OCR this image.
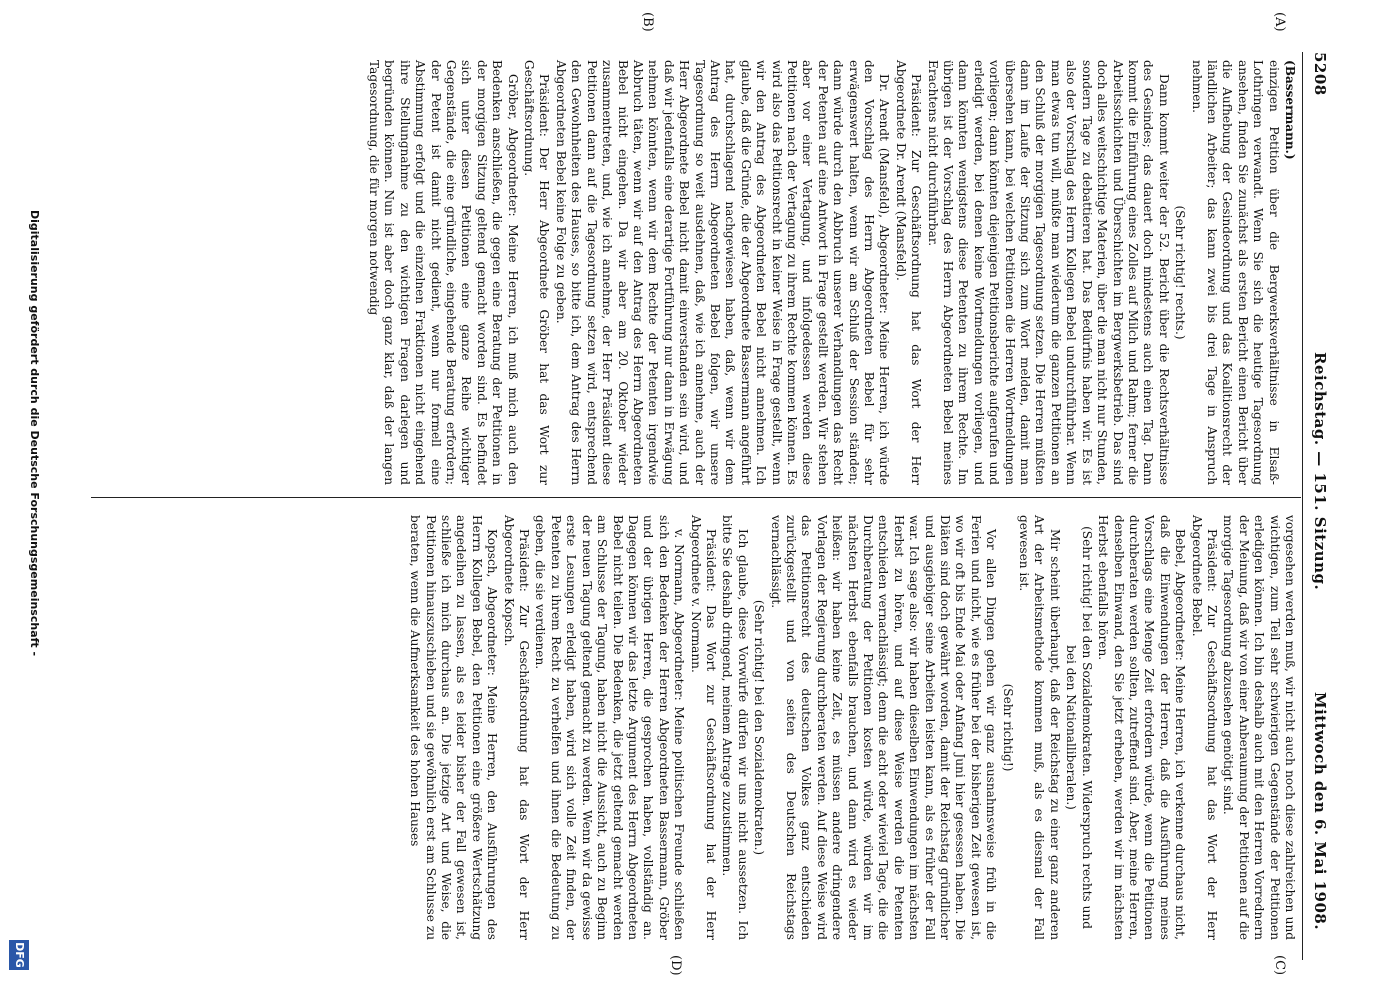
5208
Reichstag. — 151. Sitzung.
Mittwoch den 6. Mai 1908.
(A)
(B)
(C)
(D)

(Bassermann.)

einzigen Petition über die Bergwerksverhältnisse in Elsaß-Lothringen verwandt. Wenn Sie sich die heutige Tagesordnung ansehen, finden Sie zunächst als ersten Bericht einen Bericht über die Aufhebung der Gesindeordnung und das Koalitionsrecht der ländlichen Arbeiter; das kann zwei bis drei Tage in Anspruch nehmen.

(Sehr richtig! rechts.)

Dann kommt weiter der 52. Bericht über die Rechtsverhältnisse des Gesindes; das dauert doch mindestens auch einen Tag. Dann kommt die Einführung eines Zolles auf Milch und Rahm; ferner die Arbeitsschichten und Überschichten im Bergwerksbetrieb. Das sind doch alles weitschichtige Materien, über die man nicht nur Stunden, sondern Tage zu debattieren hat. Das Bedürfnis haben wir. Es ist also der Vorschlag des Herrn Kollegen Bebel undurchführbar. Wenn man etwas tun will, müßte man wiederum die ganzen Petitionen an den Schluß der morgigen Tagesordnung setzen. Die Herren müßten dann im Laufe der Sitzung sich zum Wort melden, damit man übersehen kann, bei welchen Petitionen die Herren Wortmeldungen vorliegen; dann könnten diejenigen Petitionsberichte aufgerufen und erledigt werden, bei denen keine Wortmeldungen vorliegen, und dann könnten wenigstens diese Petenten zu ihrem Rechte. Im übrigen ist der Vorschlag des Herrn Abgeordneten Bebel meines Erachtens nicht durchführbar.

Präsident: Zur Geschäftsordnung hat das Wort der Herr Abgeordnete Dr. Arendt (Mansfeld).

Dr. Arendt (Mansfeld), Abgeordneter: Meine Herren, ich würde den Vorschlag des Herrn Abgeordneten Bebel für sehr erwägenswert halten, wenn wir am Schluß der Session ständen; dann würde durch den Abbruch unserer Verhandlungen das Recht der Petenten auf eine Antwort in Frage gestellt werden. Wir stehen aber vor einer Vertagung, und infolgedessen werden diese Petitionen nach der Vertagung zu ihrem Rechte kommen können. Es wird also das Petitionsrecht in keiner Weise in Frage gestellt, wenn wir den Antrag des Abgeordneten Bebel nicht annehmen. Ich glaube, daß die Gründe, die der Abgeordnete Bassermann angeführt hat, durchschlagend nachgewiesen haben, daß, wenn wir dem Antrag des Herrn Abgeordneten Bebel folgen, wir unsere Tagesordnung so weit ausdehnen, daß, wie ich annehme, auch der Herr Abgeordnete Bebel nicht damit einverstanden sein wird, und daß wir jedenfalls eine derartige Fortführung nur dann in Erwägung nehmen könnten, wenn wir dem Rechte der Petenten irgendwie Abbruch täten, wenn wir auf den Antrag des Herrn Abgeordneten Bebel nicht eingehen. Da wir aber am 20. Oktober wieder zusammentreten, und, wie ich annehme, der Herr Präsident diese Petitionen dann auf die Tagesordnung setzen wird, entsprechend den Gewohnheiten des Hauses, so bitte ich, dem Antrag des Herrn Abgeordneten Bebel keine Folge zu geben.

Präsident: Der Herr Abgeordnete Gröber hat das Wort zur Geschäftsordnung.

Gröber, Abgeordneter: Meine Herren, ich muß mich auch den Bedenken anschließen, die gegen eine Beratung der Petitionen in der morgigen Sitzung geltend gemacht worden sind. Es befindet sich unter diesen Petitionen eine ganze Reihe wichtiger Gegenstände, die eine gründliche, eingehende Beratung erfordern; der Petent ist damit nicht gedient, wenn nur formell eine Abstimmung erfolgt und die einzelnen Fraktionen nicht eingehend ihre Stellungnahme zu den wichtigen Fragen darlegen und begründen können. Nun ist aber doch ganz klar, daß der langen Tagesordnung, die für morgen notwendig

vorgesehen werden muß, wir nicht auch noch diese zahlreichen und wichtigen, zum Teil sehr schwierigen Gegenstände der Petitionen erledigen können. Ich bin deshalb auch mit den Herren Vorrednern der Meinung, daß wir von einer Anberaumung der Petitionen auf die morgige Tagesordnung abzusehen genötigt sind.

Präsident: Zur Geschäftsordnung hat das Wort der Herr Abgeordnete Bebel.

Bebel, Abgeordneter: Meine Herren, ich verkenne durchaus nicht, daß die Einwendungen der Herren, daß die Ausführung meines Vorschlags eine Menge Zeit erfordern würde, wenn die Petitionen durchberaten werden sollten, zutreffend sind. Aber, meine Herren, denselben Einwand, den Sie jetzt erheben, werden wir im nächsten Herbst ebenfalls hören.

(Sehr richtig! bei den Sozialdemokraten. Widerspruch rechts und bei den Nationalliberalen.)

Mir scheint überhaupt, daß der Reichstag zu einer ganz anderen Art der Arbeitsmethode kommen muß, als es diesmal der Fall gewesen ist.

(Sehr richtig!)

Vor allen Dingen gehen wir ganz ausnahmsweise früh in die Ferien und nicht, wie es früher bei der bisherigen Zeit gewesen ist, wo wir oft bis Ende Mai oder Anfang Juni hier gesessen haben. Die Diäten sind doch gewährt worden, damit der Reichstag gründlicher und ausgiebiger seine Arbeiten leisten kann, als es früher der Fall war. Ich sage also: wir haben dieselben Einwendungen im nächsten Herbst zu hören, und auf diese Weise werden die Petenten entschieden vernachlässigt; denn die acht oder wieviel Tage, die die Durchberatung der Petitionen kosten würde, würden wir im nächsten Herbst ebenfalls brauchen, und dann wird es wieder heißen: wir haben keine Zeit, es müssen andere dringendere Vorlagen der Regierung durchberaten werden. Auf diese Weise wird das Petitionsrecht des deutschen Volkes ganz entschieden zurückgestellt und von seiten des Deutschen Reichstags vernachlässigt.

(Sehr richtig! bei den Sozialdemokraten.)

Ich glaube, diese Vorwürfe dürfen wir uns nicht aussetzen. Ich bitte Sie deshalb dringend, meinem Antrage zuzustimmen.

Präsident: Das Wort zur Geschäftsordnung hat der Herr Abgeordnete v. Normann.

v. Normann, Abgeordneter: Meine politischen Freunde schließen sich den Bedenken der Herren Abgeordneten Bassermann, Gröber und der übrigen Herren, die gesprochen haben, vollständig an. Dagegen können wir das letzte Argument des Herrn Abgeordneten Bebel nicht teilen. Die Bedenken, die jetzt geltend gemacht werden am Schlusse der Tagung, haben nicht die Aussicht, auch zu Beginn der neuen Tagung geltend gemacht zu werden. Wenn wir da gewisse erste Lesungen erledigt haben, wird sich volle Zeit finden, der Petenten zu ihrem Recht zu verhelfen und ihnen die Bedeutung zu geben, die sie verdienen.

Präsident: Zur Geschäftsordnung hat das Wort der Herr Abgeordnete Kopsch.

Kopsch, Abgeordneter: Meine Herren, den Ausführungen des Herrn Kollegen Bebel, den Petitionen eine größere Wertschätzung angedeihen zu lassen, als es leider bisher der Fall gewesen ist, schließe ich mich durchaus an. Die jetzige Art und Weise, die Petitionen hinauszuschieben und sie gewöhnlich erst am Schlusse zu beraten, wenn die Aufmerksamkeit des hohen Hauses

Digitalisierung gefördert durch die Deutsche Forschungsgemeinschaft -
DFG
